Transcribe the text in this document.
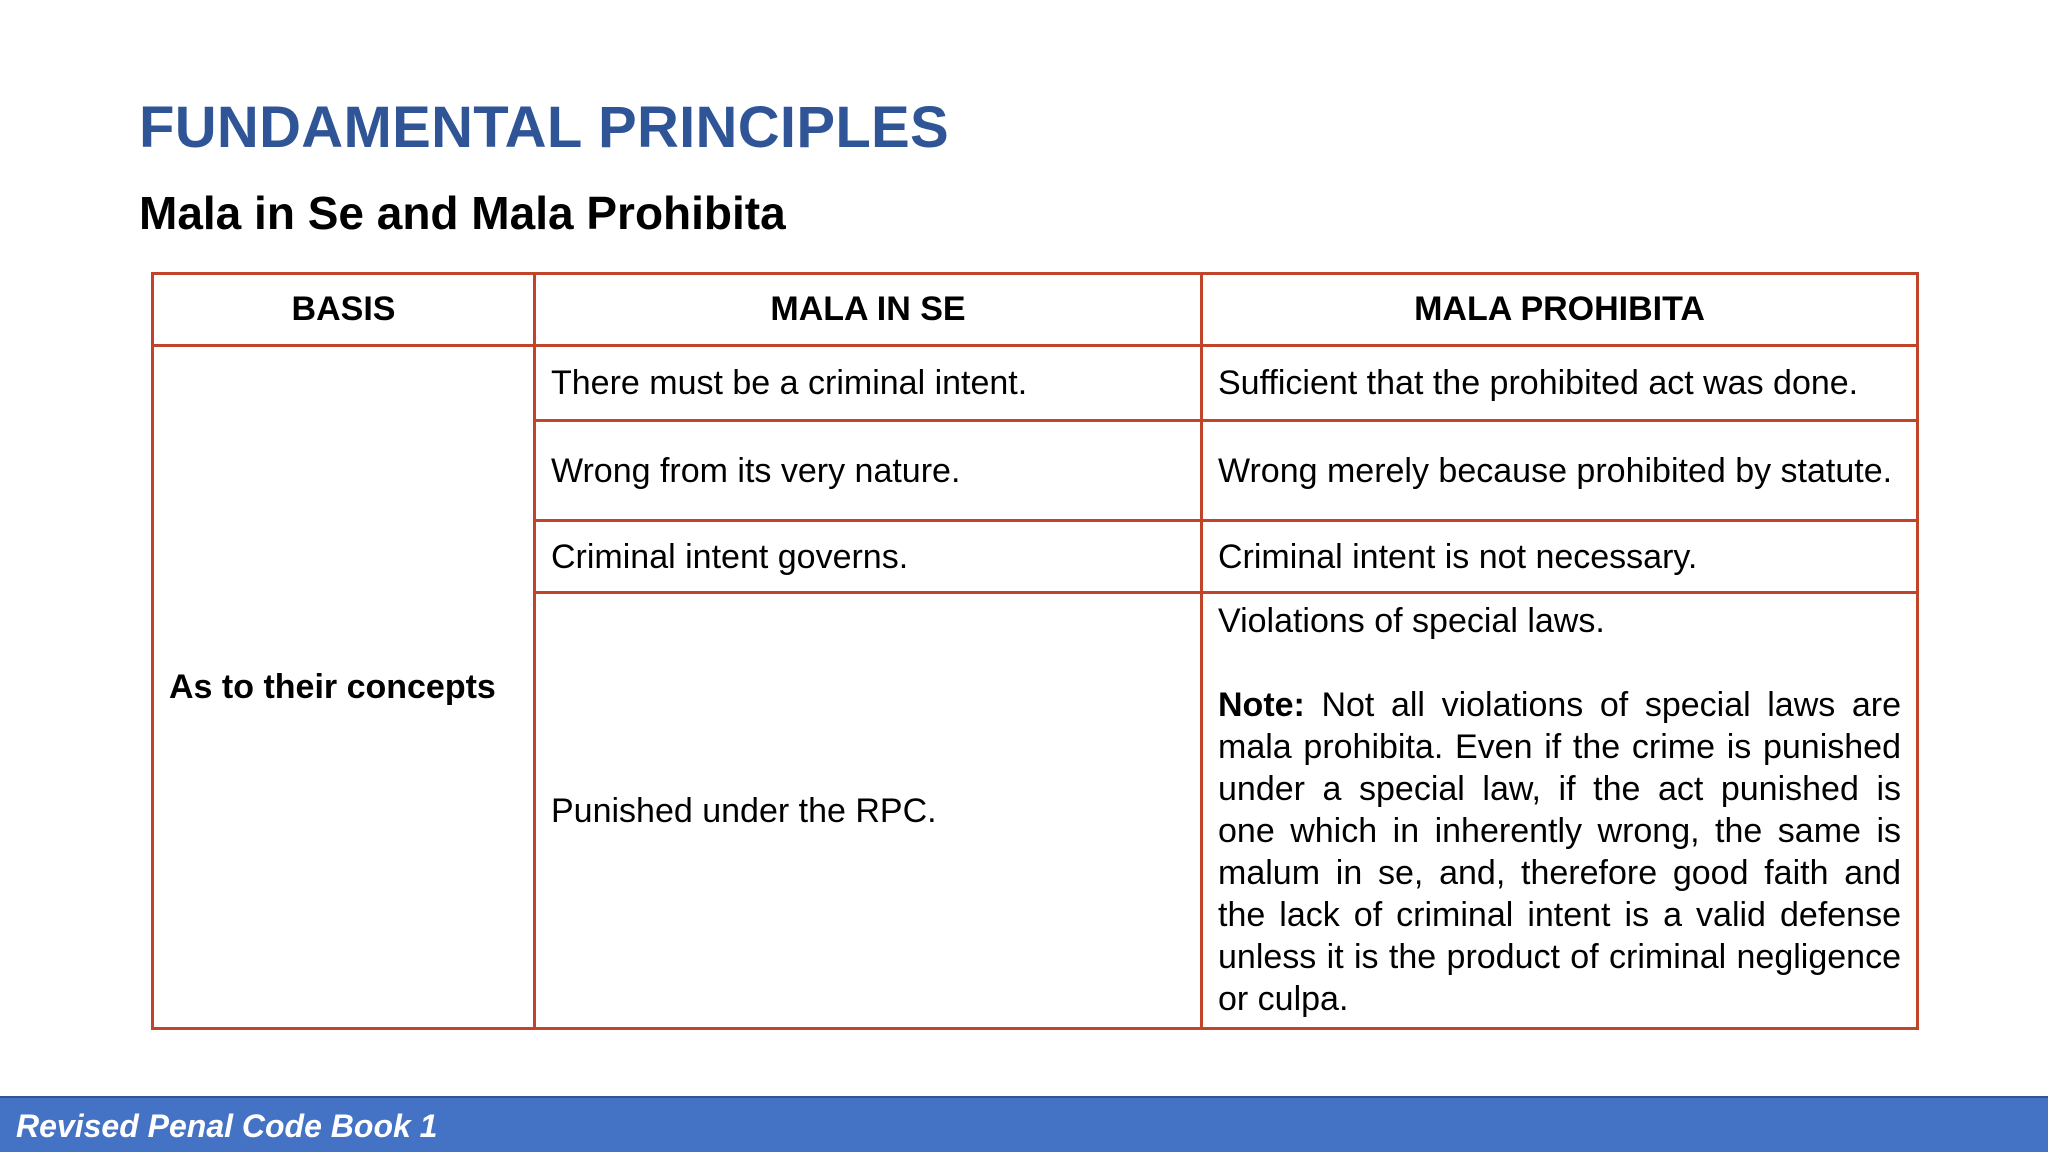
FUNDAMENTAL PRINCIPLES
Mala in Se and Mala Prohibita
BASIS	MALA IN SE	MALA PROHIBITA
As to their concepts	There must be a criminal intent.	Sufficient that the prohibited act was done.
	Wrong from its very nature.	Wrong merely because prohibited by statute.
	Criminal intent governs.	Criminal intent is not necessary.
	Punished under the RPC.	Violations of special laws.
Note: Not all violations of special laws are mala prohibita. Even if the crime is punished under a special law, if the act punished is one which in inherently wrong, the same is malum in se, and, therefore good faith and the lack of criminal intent is a valid defense unless it is the product of criminal negligence or culpa.
Revised Penal Code Book 1
